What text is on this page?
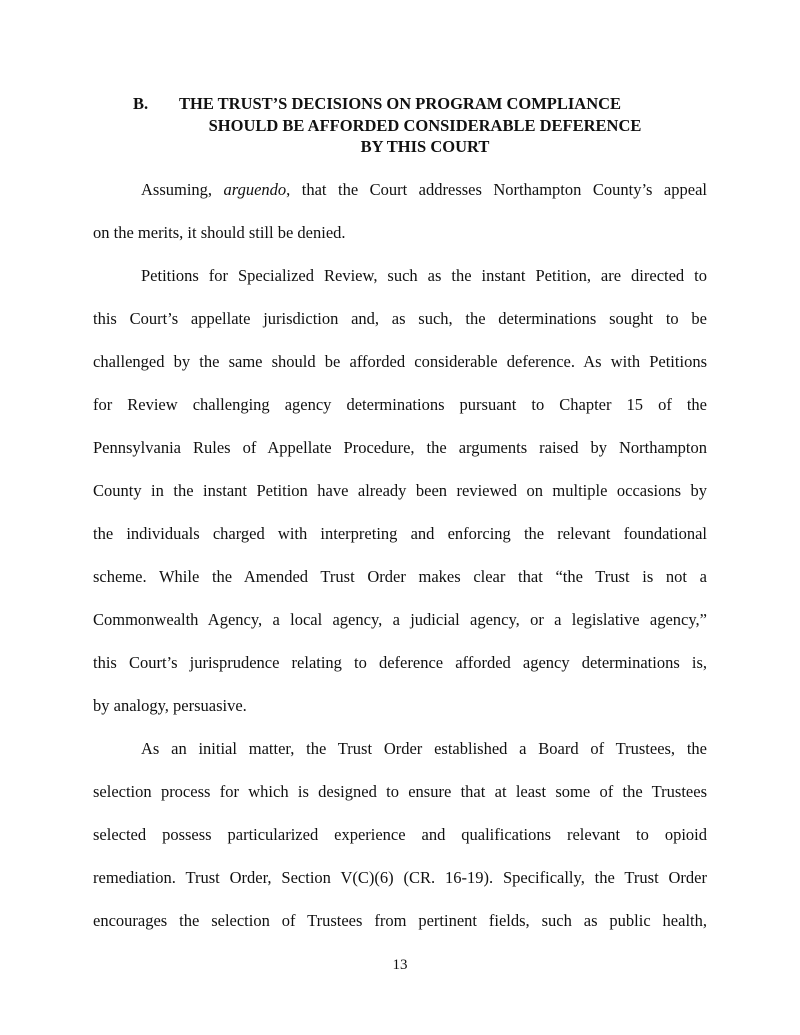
B. THE TRUST’S DECISIONS ON PROGRAM COMPLIANCE
SHOULD BE AFFORDED CONSIDERABLE DEFERENCE
BY THIS COURT
Assuming, arguendo, that the Court addresses Northampton County’s appeal
on the merits, it should still be denied.
Petitions for Specialized Review, such as the instant Petition, are directed to
this Court’s appellate jurisdiction and, as such, the determinations sought to be
challenged by the same should be afforded considerable deference. As with Petitions
for Review challenging agency determinations pursuant to Chapter 15 of the
Pennsylvania Rules of Appellate Procedure, the arguments raised by Northampton
County in the instant Petition have already been reviewed on multiple occasions by
the individuals charged with interpreting and enforcing the relevant foundational
scheme. While the Amended Trust Order makes clear that “the Trust is not a
Commonwealth Agency, a local agency, a judicial agency, or a legislative agency,”
this Court’s jurisprudence relating to deference afforded agency determinations is,
by analogy, persuasive.
As an initial matter, the Trust Order established a Board of Trustees, the
selection process for which is designed to ensure that at least some of the Trustees
selected possess particularized experience and qualifications relevant to opioid
remediation. Trust Order, Section V(C)(6) (CR. 16-19). Specifically, the Trust Order
encourages the selection of Trustees from pertinent fields, such as public health,
13
